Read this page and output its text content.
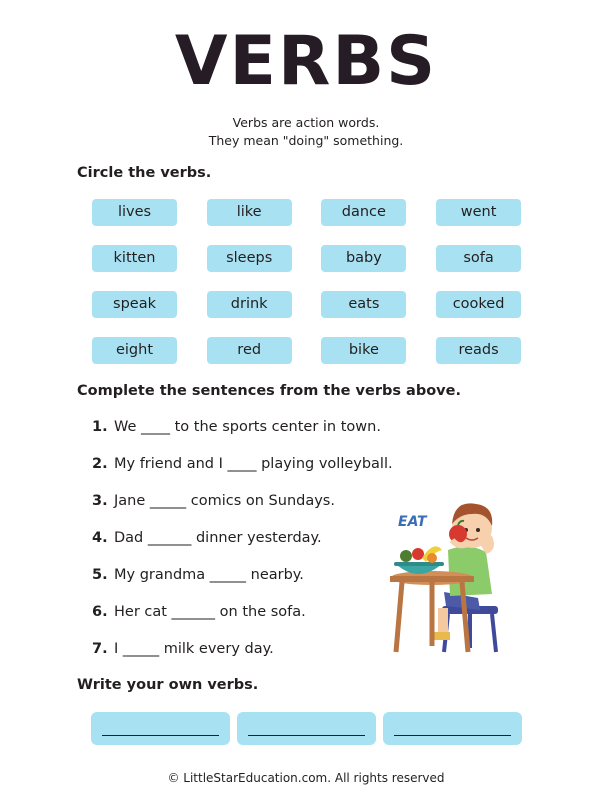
VERBS
Verbs are action words.
They mean "doing" something.
Circle the verbs.
lives	like	dance	went
kitten	sleeps	baby	sofa
speak	drink	eats	cooked
eight	red	bike	reads
Complete the sentences from the verbs above.
1. We ____ to the sports center in town.
2. My friend and I ____ playing volleyball.
3. Jane _____ comics on Sundays.
4. Dad ______ dinner yesterday.
5. My grandma _____ nearby.
6. Her cat ______ on the sofa.
7. I _____ milk every day.
EAT
Write your own verbs.
© LittleStarEducation.com. All rights reserved
